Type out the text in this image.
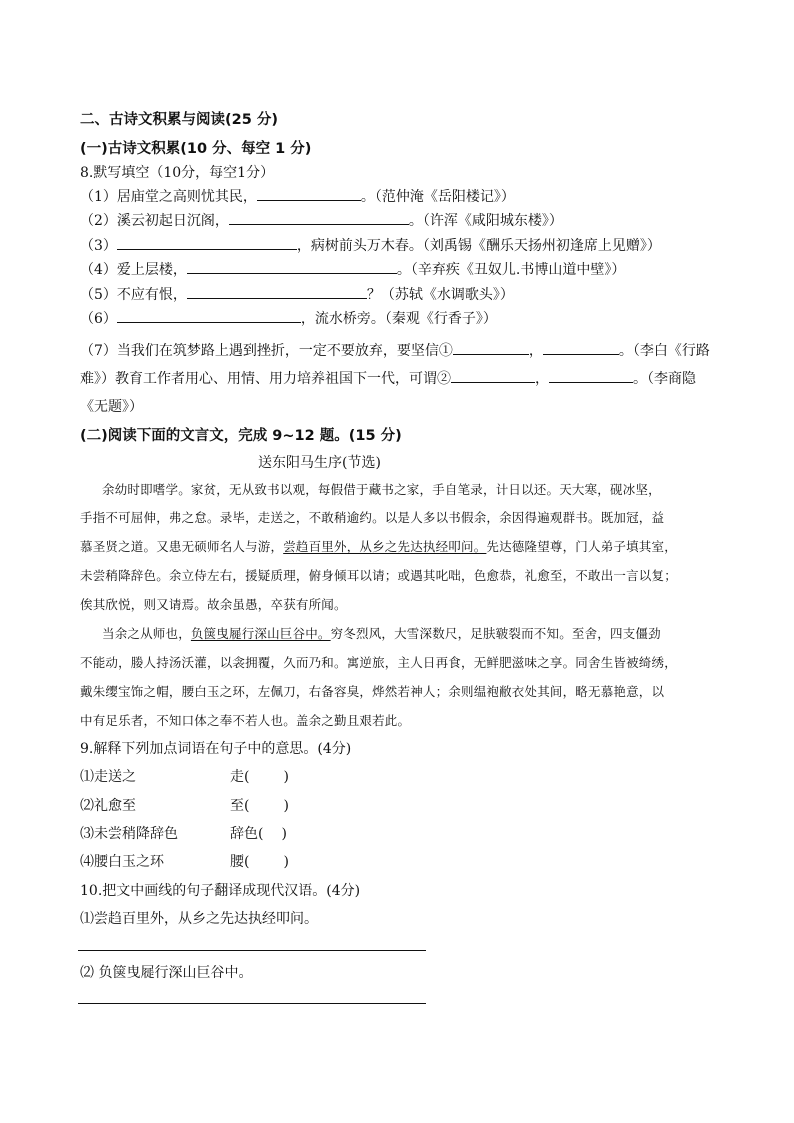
二、古诗文积累与阅读(25 分)
(一)古诗文积累(10 分、每空 1 分)
8.默写填空（10分，每空1分）
（1）居庙堂之高则忧其民，	。（范仲淹《岳阳楼记》）
（2）溪云初起日沉阁，	。（许浑《咸阳城东楼》）
（3）	，病树前头万木春。（刘禹锡《酬乐天扬州初逢席上见赠》）
（4）爱上层楼，	。（辛弃疾《丑奴儿.书博山道中壁》）
（5）不应有恨，	？（苏轼《水调歌头》）
（6）	，流水桥旁。（秦观《行香子》）
（7）当我们在筑梦路上遇到挫折，一定不要放弃，要坚信①	，	。（李白《行路
难》）教育工作者用心、用情、用力培养祖国下一代，可谓②	，	。（李商隐
《无题》）
(二)阅读下面的文言文，完成 9~12 题。(15 分)
送东阳马生序(节选)
余幼时即嗜学。家贫，无从致书以观，每假借于藏书之家，手自笔录，计日以还。天大寒，砚冰坚，
手指不可屈伸，弗之怠。录毕，走送之，不敢稍逾约。以是人多以书假余，余因得遍观群书。既加冠，益
慕圣贤之道。又患无硕师名人与游，尝趋百里外，从乡之先达执经叩问。先达德隆望尊，门人弟子填其室，
未尝稍降辞色。余立侍左右，援疑质理，俯身倾耳以请；或遇其叱咄，色愈恭，礼愈至，不敢出一言以复；
俟其欣悦，则又请焉。故余虽愚，卒获有所闻。
当余之从师也，负箧曳屣行深山巨谷中。穷冬烈风，大雪深数尺，足肤皲裂而不知。至舍，四支僵劲
不能动，媵人持汤沃灌，以衾拥覆，久而乃和。寓逆旅，主人日再食，无鲜肥滋味之享。同舍生皆被绮绣，
戴朱缨宝饰之帽，腰白玉之环，左佩刀，右备容臭，烨然若神人；余则缊袍敝衣处其间，略无慕艳意，以
中有足乐者，不知口体之奉不若人也。盖余之勤且艰若此。
9.解释下列加点词语在句子中的意思。(4分)
⑴走送之	走( )
⑵礼愈至	至( )
⑶未尝稍降辞色	辞色( )
⑷腰白玉之环	腰( )
10.把文中画线的句子翻译成现代汉语。(4分)
⑴尝趋百里外，从乡之先达执经叩问。
⑵ 负箧曳屣行深山巨谷中。
